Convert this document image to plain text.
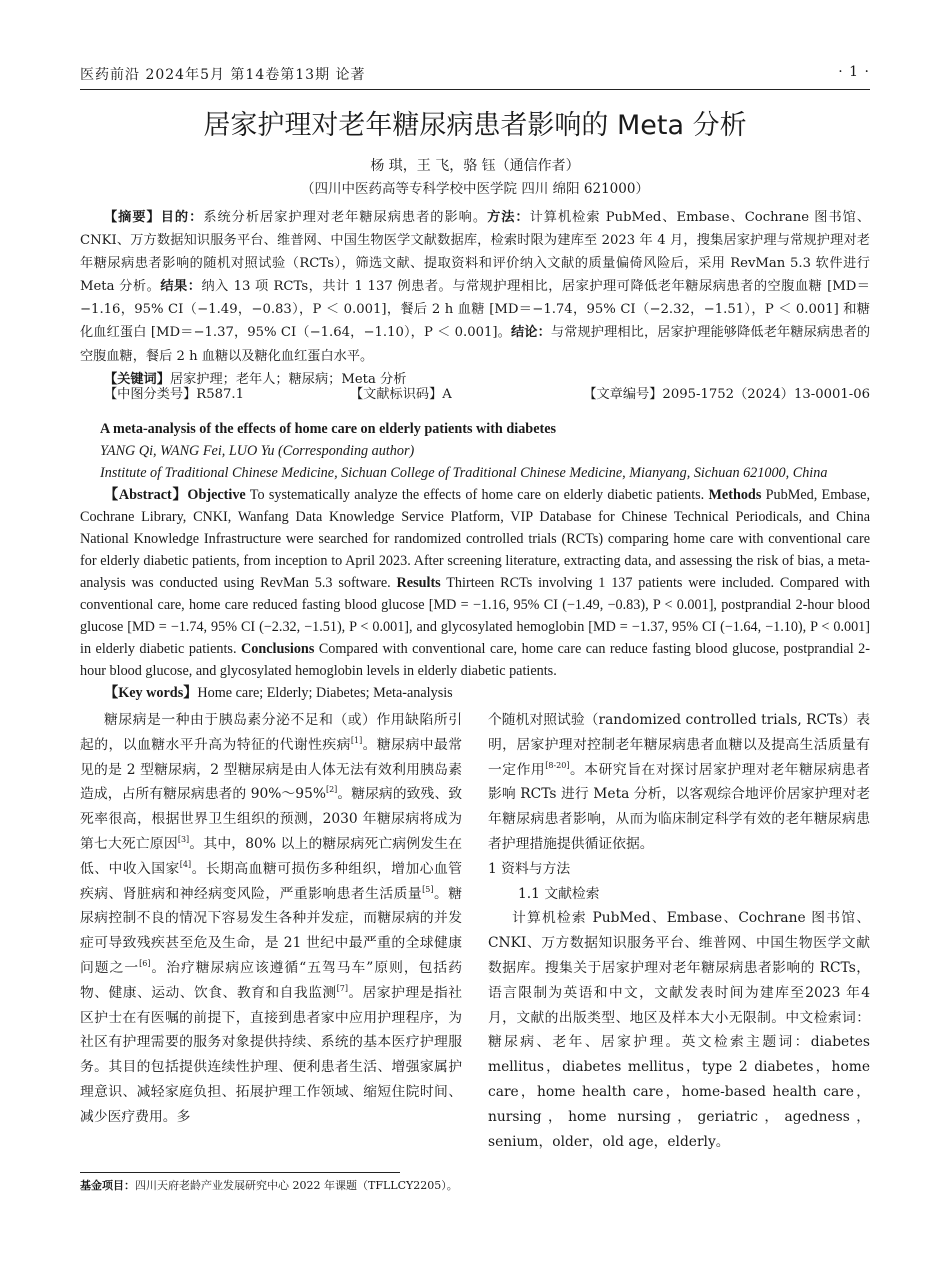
医药前沿 2024年5月 第14卷第13期 论著	· 1 ·
居家护理对老年糖尿病患者影响的 Meta 分析
杨 琪，王 飞，骆 钰（通信作者）
（四川中医药高等专科学校中医学院 四川 绵阳 621000）

【摘要】目的：系统分析居家护理对老年糖尿病患者的影响。方法：计算机检索 PubMed、Embase、Cochrane 图书馆、CNKI、万方数据知识服务平台、维普网、中国生物医学文献数据库，检索时限为建库至 2023 年 4 月，搜集居家护理与常规护理对老年糖尿病患者影响的随机对照试验（RCTs），筛选文献、提取资料和评价纳入文献的质量偏倚风险后，采用 RevMan 5.3 软件进行 Meta 分析。结果：纳入 13 项 RCTs，共计 1 137 例患者。与常规护理相比，居家护理可降低老年糖尿病患者的空腹血糖 [MD＝−1.16，95% CI（−1.49，−0.83），P ＜ 0.001]，餐后 2 h 血糖 [MD＝−1.74，95% CI（−2.32，−1.51），P ＜ 0.001] 和糖化血红蛋白 [MD＝−1.37，95% CI（−1.64，−1.10），P ＜ 0.001]。结论：与常规护理相比，居家护理能够降低老年糖尿病患者的空腹血糖，餐后 2 h 血糖以及糖化血红蛋白水平。

【关键词】居家护理；老年人；糖尿病；Meta 分析

【中图分类号】R587.1	【文献标识码】A	【文章编号】2095-1752（2024）13-0001-06

A meta-analysis of the effects of home care on elderly patients with diabetes

YANG Qi, WANG Fei, LUO Yu (Corresponding author)

Institute of Traditional Chinese Medicine, Sichuan College of Traditional Chinese Medicine, Mianyang, Sichuan 621000, China

【Abstract】Objective To systematically analyze the effects of home care on elderly diabetic patients. Methods PubMed, Embase, Cochrane Library, CNKI, Wanfang Data Knowledge Service Platform, VIP Database for Chinese Technical Periodicals, and China National Knowledge Infrastructure were searched for randomized controlled trials (RCTs) comparing home care with conventional care for elderly diabetic patients, from inception to April 2023. After screening literature, extracting data, and assessing the risk of bias, a meta-analysis was conducted using RevMan 5.3 software. Results Thirteen RCTs involving 1 137 patients were included. Compared with conventional care, home care reduced fasting blood glucose [MD = −1.16, 95% CI (−1.49, −0.83), P < 0.001], postprandial 2-hour blood glucose [MD = −1.74, 95% CI (−2.32, −1.51), P < 0.001], and glycosylated hemoglobin [MD = −1.37, 95% CI (−1.64, −1.10), P < 0.001] in elderly diabetic patients. Conclusions Compared with conventional care, home care can reduce fasting blood glucose, postprandial 2-hour blood glucose, and glycosylated hemoglobin levels in elderly diabetic patients.

【Key words】Home care; Elderly; Diabetes; Meta-analysis

糖尿病是一种由于胰岛素分泌不足和（或）作用缺陷所引起的，以血糖水平升高为特征的代谢性疾病[1]。糖尿病中最常见的是 2 型糖尿病，2 型糖尿病是由人体无法有效利用胰岛素造成，占所有糖尿病患者的 90%～95%[2]。糖尿病的致残、致死率很高，根据世界卫生组织的预测，2030 年糖尿病将成为第七大死亡原因[3]。其中，80% 以上的糖尿病死亡病例发生在低、中收入国家[4]。长期高血糖可损伤多种组织，增加心血管疾病、肾脏病和神经病变风险，严重影响患者生活质量[5]。糖尿病控制不良的情况下容易发生各种并发症，而糖尿病的并发症可导致残疾甚至危及生命，是 21 世纪中最严重的全球健康问题之一[6]。治疗糖尿病应该遵循“五驾马车”原则，包括药物、健康、运动、饮食、教育和自我监测[7]。居家护理是指社区护士在有医嘱的前提下，直接到患者家中应用护理程序，为社区有护理需要的服务对象提供持续、系统的基本医疗护理服务。其目的包括提供连续性护理、便利患者生活、增强家属护理意识、减轻家庭负担、拓展护理工作领域、缩短住院时间、减少医疗费用。多

个随机对照试验（randomized controlled trials, RCTs）表明，居家护理对控制老年糖尿病患者血糖以及提高生活质量有一定作用[8-20]。本研究旨在对探讨居家护理对老年糖尿病患者影响 RCTs 进行 Meta 分析，以客观综合地评价居家护理对老年糖尿病患者影响，从而为临床制定科学有效的老年糖尿病患者护理措施提供循证依据。

1 资料与方法

1.1 文献检索

计算机检索 PubMed、Embase、Cochrane 图书馆、CNKI、万方数据知识服务平台、维普网、中国生物医学文献数据库。搜集关于居家护理对老年糖尿病患者影响的 RCTs，语言限制为英语和中文，文献发表时间为建库至2023 年4 月，文献的出版类型、地区及样本大小无限制。中文检索词：糖尿病、老年、居家护理。英文检索主题词：diabetes mellitus，diabetes mellitus，type 2 diabetes，home care，home health care，home-based health care，nursing，home nursing，geriatric，agedness，senium，older，old age，elderly。

基金项目：四川天府老龄产业发展研究中心 2022 年课题（TFLLCY2205）。
